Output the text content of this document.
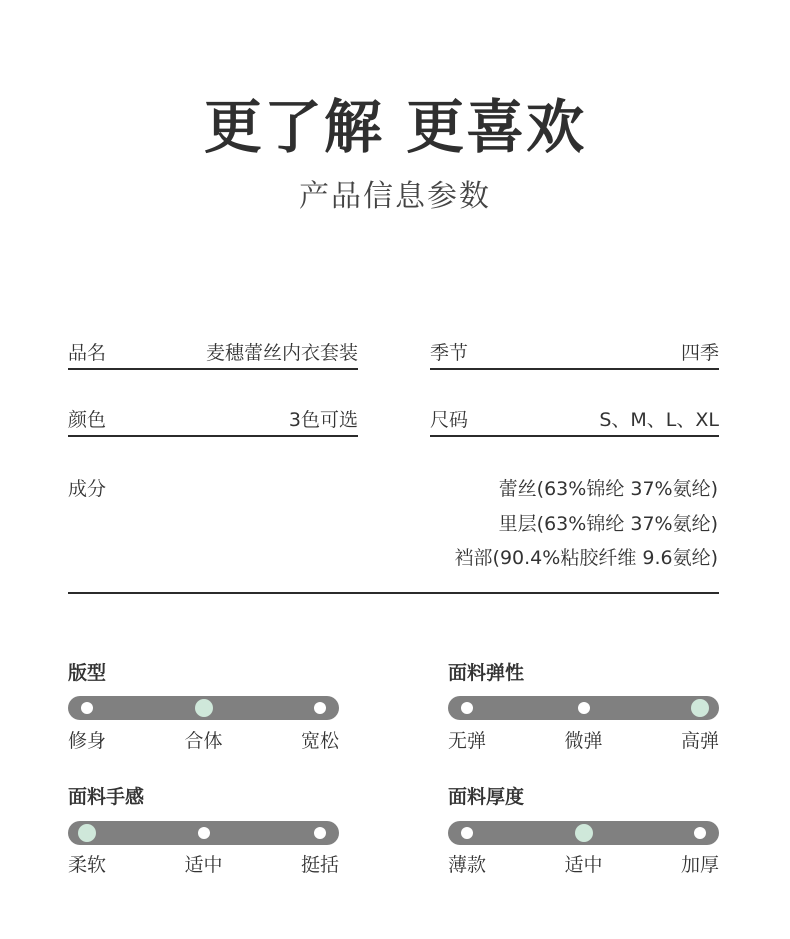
更了解 更喜欢
产品信息参数
品名	麦穗蕾丝内衣套装	季节	四季
颜色	3色可选	尺码	S、M、L、XL
成分	蕾丝(63%锦纶 37%氨纶)
里层(63%锦纶 37%氨纶)
裆部(90.4%粘胶纤维 9.6氨纶)
版型
修身	合体	宽松
面料弹性
无弹	微弹	高弹
面料手感
柔软	适中	挺括
面料厚度
薄款	适中	加厚
